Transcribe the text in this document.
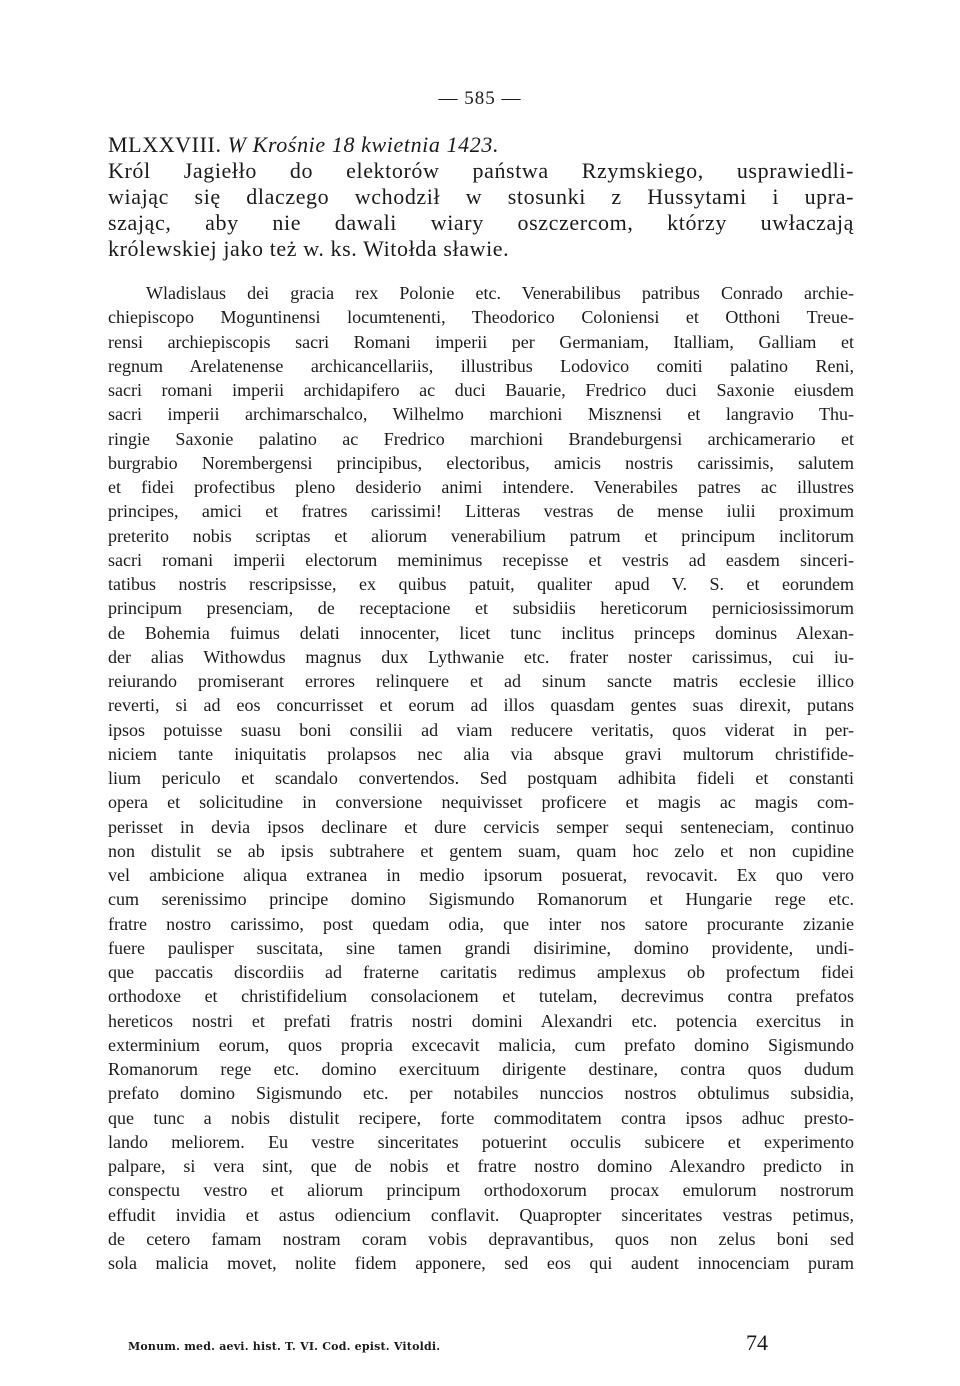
— 585 —
MLXXVIII. W Krośnie 18 kwietnia 1423.
Król Jagiełło do elektorów państwa Rzymskiego, usprawiedli-
wiając się dlaczego wchodził w stosunki z Hussytami i upra-
szając, aby nie dawali wiary oszczercom, którzy uwłaczają
królewskiej jako też w. ks. Witołda sławie.
Wladislaus dei gracia rex Polonie etc. Venerabilibus patribus Conrado archie-
chiepiscopo Moguntinensi locumtenenti, Theodorico Coloniensi et Otthoni Treue-
rensi archiepiscopis sacri Romani imperii per Germaniam, Italliam, Galliam et
regnum Arelatenense archicancellariis, illustribus Lodovico comiti palatino Reni,
sacri romani imperii archidapifero ac duci Bauarie, Fredrico duci Saxonie eiusdem
sacri imperii archimarschalco, Wilhelmo marchioni Misznensi et langravio Thu-
ringie Saxonie palatino ac Fredrico marchioni Brandeburgensi archicamerario et
burgrabio Norembergensi principibus, electoribus, amicis nostris carissimis, salutem
et fidei profectibus pleno desiderio animi intendere. Venerabiles patres ac illustres
principes, amici et fratres carissimi! Litteras vestras de mense iulii proximum
preterito nobis scriptas et aliorum venerabilium patrum et principum inclitorum
sacri romani imperii electorum meminimus recepisse et vestris ad easdem sinceri-
tatibus nostris rescripsisse, ex quibus patuit, qualiter apud V. S. et eorundem
principum presenciam, de receptacione et subsidiis hereticorum perniciosissimorum
de Bohemia fuimus delati innocenter, licet tunc inclitus princeps dominus Alexan-
der alias Withowdus magnus dux Lythwanie etc. frater noster carissimus, cui iu-
reiurando promiserant errores relinquere et ad sinum sancte matris ecclesie illico
reverti, si ad eos concurrisset et eorum ad illos quasdam gentes suas direxit, putans
ipsos potuisse suasu boni consilii ad viam reducere veritatis, quos viderat in per-
niciem tante iniquitatis prolapsos nec alia via absque gravi multorum christifide-
lium periculo et scandalo convertendos. Sed postquam adhibita fideli et constanti
opera et solicitudine in conversione nequivisset proficere et magis ac magis com-
perisset in devia ipsos declinare et dure cervicis semper sequi senteneciam, continuo
non distulit se ab ipsis subtrahere et gentem suam, quam hoc zelo et non cupidine
vel ambicione aliqua extranea in medio ipsorum posuerat, revocavit. Ex quo vero
cum serenissimo principe domino Sigismundo Romanorum et Hungarie rege etc.
fratre nostro carissimo, post quedam odia, que inter nos satore procurante zizanie
fuere paulisper suscitata, sine tamen grandi disirimine, domino providente, undi-
que paccatis discordiis ad fraterne caritatis redimus amplexus ob profectum fidei
orthodoxe et christifidelium consolacionem et tutelam, decrevimus contra prefatos
hereticos nostri et prefati fratris nostri domini Alexandri etc. potencia exercitus in
exterminium eorum, quos propria excecavit malicia, cum prefato domino Sigismundo
Romanorum rege etc. domino exercituum dirigente destinare, contra quos dudum
prefato domino Sigismundo etc. per notabiles nunccios nostros obtulimus subsidia,
que tunc a nobis distulit recipere, forte commoditatem contra ipsos adhuc presto-
lando meliorem. Eu vestre sinceritates potuerint occulis subicere et experimento
palpare, si vera sint, que de nobis et fratre nostro domino Alexandro predicto in
conspectu vestro et aliorum principum orthodoxorum procax emulorum nostrorum
effudit invidia et astus odiencium conflavit. Quapropter sinceritates vestras petimus,
de cetero famam nostram coram vobis depravantibus, quos non zelus boni sed
sola malicia movet, nolite fidem apponere, sed eos qui audent innocenciam puram
Monum. med. aevi. hist. T. VI. Cod. epist. Vitoldi.	74
